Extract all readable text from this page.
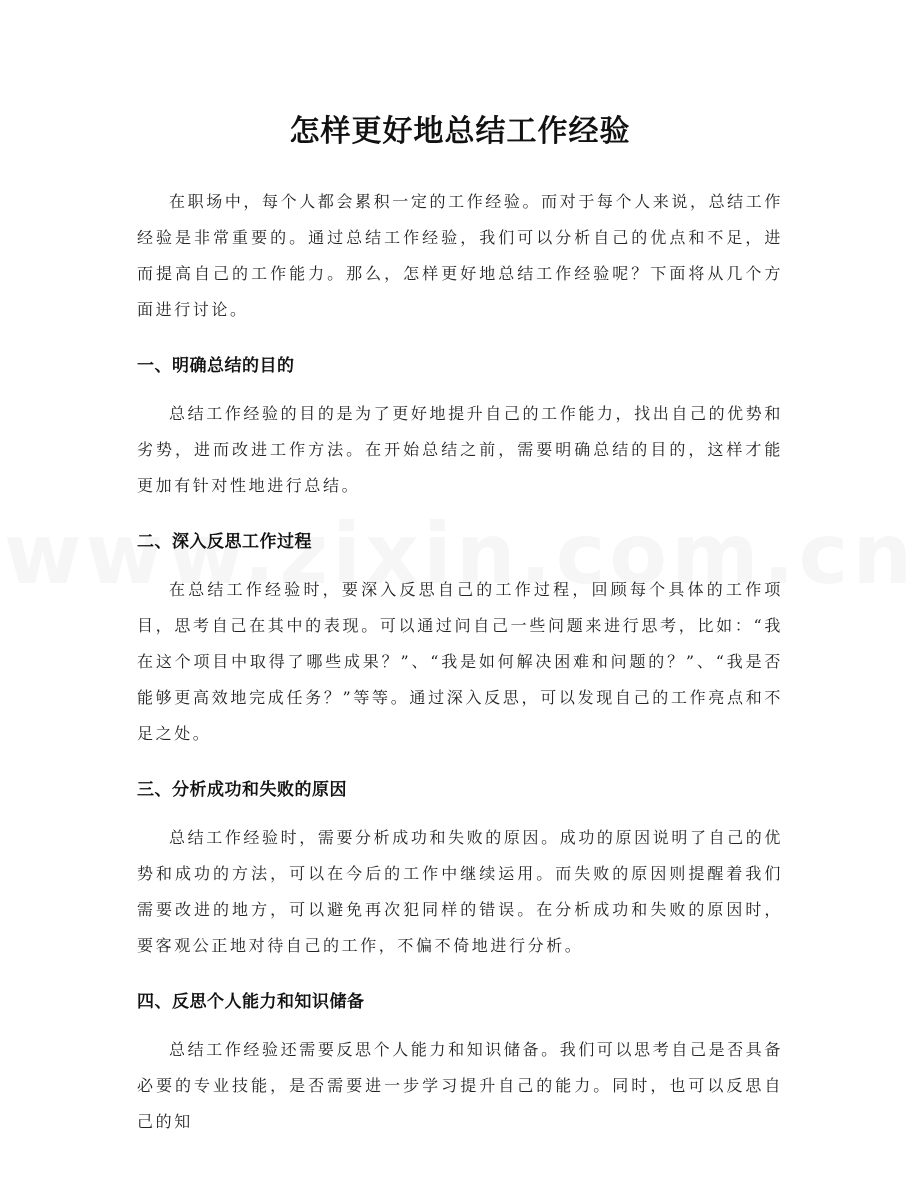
怎样更好地总结工作经验

在职场中，每个人都会累积一定的工作经验。而对于每个人来说，总结工作经验是非常重要的。通过总结工作经验，我们可以分析自己的优点和不足，进而提高自己的工作能力。那么，怎样更好地总结工作经验呢？下面将从几个方面进行讨论。

一、明确总结的目的

总结工作经验的目的是为了更好地提升自己的工作能力，找出自己的优势和劣势，进而改进工作方法。在开始总结之前，需要明确总结的目的，这样才能更加有针对性地进行总结。

二、深入反思工作过程

在总结工作经验时，要深入反思自己的工作过程，回顾每个具体的工作项目，思考自己在其中的表现。可以通过问自己一些问题来进行思考，比如：“我在这个项目中取得了哪些成果？”、“我是如何解决困难和问题的？”、“我是否能够更高效地完成任务？”等等。通过深入反思，可以发现自己的工作亮点和不足之处。

三、分析成功和失败的原因

总结工作经验时，需要分析成功和失败的原因。成功的原因说明了自己的优势和成功的方法，可以在今后的工作中继续运用。而失败的原因则提醒着我们需要改进的地方，可以避免再次犯同样的错误。在分析成功和失败的原因时，要客观公正地对待自己的工作，不偏不倚地进行分析。

四、反思个人能力和知识储备

总结工作经验还需要反思个人能力和知识储备。我们可以思考自己是否具备必要的专业技能，是否需要进一步学习提升自己的能力。同时，也可以反思自己的知
